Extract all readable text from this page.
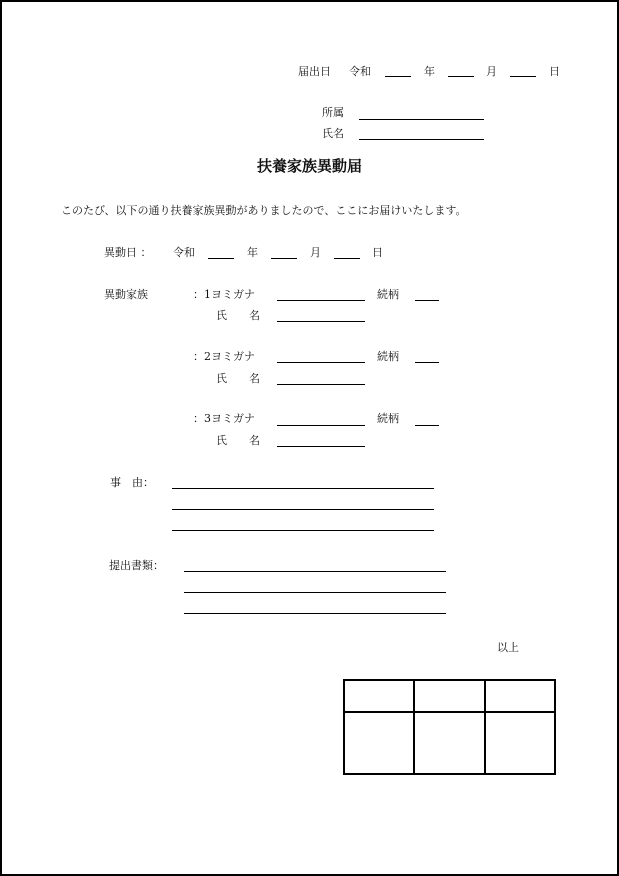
届出日 令和	年	月	日
所属
氏名
扶養家族異動届
このたび、以下の通り扶養家族異動がありましたので、ここにお届けいたします。
異動日 ： 令和	年	月	日
異動家族	：1ヨミガナ	続柄
氏　　名
：2ヨミガナ	続柄
氏　　名
：3ヨミガナ	続柄
氏　　名
事　由：
提出書類：
以上
